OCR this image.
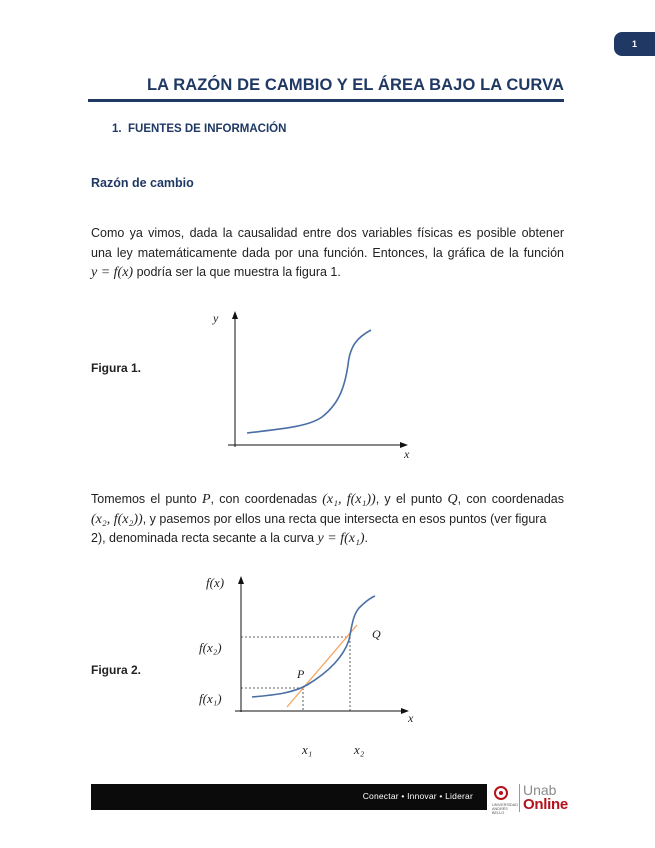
1
LA RAZÓN DE CAMBIO Y EL ÁREA BAJO LA CURVA
1. FUENTES DE INFORMACIÓN
Razón de cambio
Como ya vimos, dada la causalidad entre dos variables físicas es posible obtener
una ley matemáticamente dada por una función. Entonces, la gráfica de la función
y = f(x) podría ser la que muestra la figura 1.
Figura 1.
y
x
Tomemos el punto P, con coordenadas (x₁, f(x₁)), y el punto Q, con coordenadas
(x₂, f(x₂)), y pasemos por ellos una recta que intersecta en esos puntos (ver figura
2), denominada recta secante a la curva y = f(x₁).
Figura 2.
f(x)
x
f(x₂)
f(x₁)
P
Q
x₁	x₂
Conectar • Innovar • Liderar
UNIVERSIDAD ANDRÉS BELLO
Unab
Online
